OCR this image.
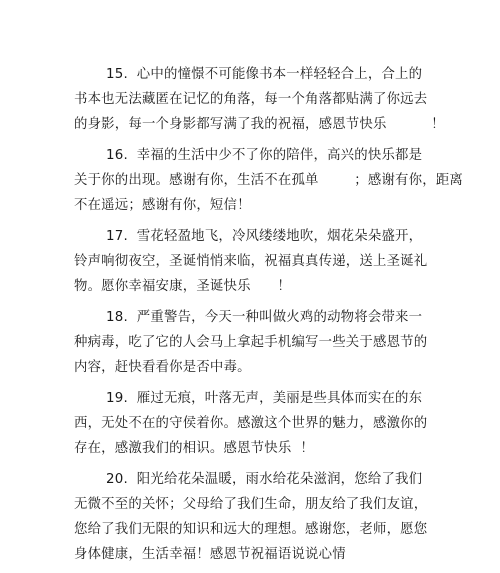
15.  心中的憧憬不可能像书本一样轻轻合上，合上的
书本也无法藏匿在记忆的角落，每一个角落都贴满了你远去
的身影，每一个身影都写满了我的祝福，感恩节快乐          ！
16.  幸福的生活中少不了你的陪伴，高兴的快乐都是
关于你的出现。感谢有你，生活不在孤单        ；感谢有你，距离
不在遥远；感谢有你，短信！
17.  雪花轻盈地飞，冷风缕缕地吹，烟花朵朵盛开，
铃声响彻夜空，圣诞悄悄来临，祝福真真传递，送上圣诞礼
物。愿你幸福安康，圣诞快乐      ！
18.  严重警告，今天一种叫做火鸡的动物将会带来一
种病毒，吃了它的人会马上拿起手机编写一些关于感恩节的
内容，赶快看看你是否中毒。
19.  雁过无痕，叶落无声，美丽是些具体而实在的东
西，无处不在的守侯着你。感激这个世界的魅力，感激你的
存在，感激我们的相识。感恩节快乐  ！
20.  阳光给花朵温暖，雨水给花朵滋润，您给了我们
无微不至的关怀；父母给了我们生命，朋友给了我们友谊，
您给了我们无限的知识和远大的理想。感谢您，老师，愿您
身体健康，生活幸福！感恩节祝福语说说心情
